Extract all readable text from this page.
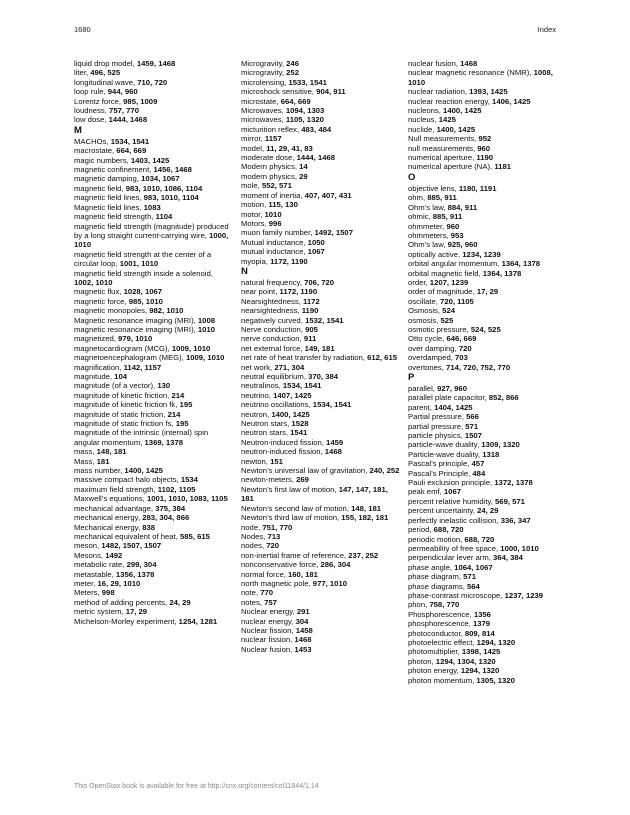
1680	Index
liquid drop model, 1459, 1468
liter, 496, 525
longitudinal wave, 710, 720
loop rule, 944, 960
Lorentz force, 985, 1009
loudness, 757, 770
low dose, 1444, 1468
M
MACHOs, 1534, 1541
macrostate, 664, 669
magic numbers, 1403, 1425
magnetic confinement, 1456, 1468
magnetic damping, 1034, 1067
magnetic field, 983, 1010, 1086, 1104
magnetic field lines, 983, 1010, 1104
Magnetic field lines, 1083
magnetic field strength, 1104
magnetic field strength (magnitude) produced by a long straight current-carrying wire, 1000, 1010
magnetic field strength at the center of a circular loop, 1001, 1010
magnetic field strength inside a solenoid, 1002, 1010
magnetic flux, 1028, 1067
magnetic force, 985, 1010
magnetic monopoles, 982, 1010
Magnetic resonance imaging (MRI), 1008
magnetic resonance imaging (MRI), 1010
magnetized, 979, 1010
magnetocardiogram (MCG), 1009, 1010
magnetoencephalogram (MEG), 1009, 1010
magnification, 1142, 1157
magnitude, 104
magnitude (of a vector), 130
magnitude of kinetic friction, 214
magnitude of kinetic friction fk, 195
magnitude of static friction, 214
magnitude of static friction fs, 195
magnitude of the intrinsic (internal) spin angular momentum, 1369, 1378
mass, 148, 181
Mass, 181
mass number, 1400, 1425
massive compact halo objects, 1534
maximum field strength, 1102, 1105
Maxwell’s equations, 1001, 1010, 1083, 1105
mechanical advantage, 375, 384
mechanical energy, 283, 304, 866
Mechanical energy, 838
mechanical equivalent of heat, 585, 615
meson, 1482, 1507, 1507
Mesons, 1492
metabolic rate, 299, 304
metastable, 1356, 1378
meter, 16, 29, 1010
Meters, 998
method of adding percents, 24, 29
metric system, 17, 29
Michelson-Morley experiment, 1254, 1281
Microgravity, 246
microgravity, 252
microlensing, 1533, 1541
microshock sensitive, 904, 911
microstate, 664, 669
Microwaves, 1094, 1303
microwaves, 1105, 1320
micturition reflex, 483, 484
mirror, 1157
model, 11, 29, 41, 83
moderate dose, 1444, 1468
Modern physics, 14
modern physics, 29
mole, 552, 571
moment of inertia, 407, 407, 431
motion, 115, 130
motor, 1010
Motors, 996
muon family number, 1492, 1507
Mutual inductance, 1050
mutual inductance, 1067
myopia, 1172, 1190
N
natural frequency, 706, 720
near point, 1172, 1190
Nearsightedness, 1172
nearsightedness, 1190
negatively curved, 1532, 1541
Nerve conduction, 905
nerve conduction, 911
net external force, 149, 181
net rate of heat transfer by radiation, 612, 615
net work, 271, 304
neutral equilibrium, 370, 384
neutralinos, 1534, 1541
neutrino, 1407, 1425
neutrino oscillations, 1534, 1541
neutron, 1400, 1425
Neutron stars, 1528
neutron stars, 1541
Neutron-induced fission, 1459
neutron-induced fission, 1468
newton, 151
Newton’s universal law of gravitation, 240, 252
newton-meters, 269
Newton’s first law of motion, 147, 147, 181, 181
Newton’s second law of motion, 148, 181
Newton’s third law of motion, 155, 182, 181
node, 751, 770
Nodes, 713
nodes, 720
non-inertial frame of reference, 237, 252
nonconservative force, 286, 304
normal force, 160, 181
north magnetic pole, 977, 1010
note, 770
notes, 757
Nuclear energy, 291
nuclear energy, 304
Nuclear fission, 1458
nuclear fission, 1468
Nuclear fusion, 1453
nuclear fusion, 1468
nuclear magnetic resonance (NMR), 1008, 1010
nuclear radiation, 1393, 1425
nuclear reaction energy, 1406, 1425
nucleons, 1400, 1425
nucleus, 1425
nuclide, 1400, 1425
Null measurements, 952
null measurements, 960
numerical aperture, 1190
numerical aperture (NA), 1181
O
objective lens, 1180, 1191
ohm, 885, 911
Ohm’s law, 884, 911
ohmic, 885, 911
ohmmeter, 960
ohmmeters, 953
Ohm’s law, 925, 960
optically active, 1234, 1239
orbital angular momentum, 1364, 1378
orbital magnetic field, 1364, 1378
order, 1207, 1239
order of magnitude, 17, 29
oscillate, 720, 1105
Osmosis, 524
osmosis, 525
osmotic pressure, 524, 525
Otto cycle, 646, 669
over damping, 720
overdamped, 703
overtones, 714, 720, 752, 770
P
parallel, 927, 960
parallel plate capacitor, 852, 866
parent, 1404, 1425
Partial pressure, 566
partial pressure, 571
particle physics, 1507
particle-wave duality, 1309, 1320
Particle-wave duality, 1318
Pascal’s principle, 457
Pascal’s Principle, 484
Pauli exclusion principle, 1372, 1378
peak emf, 1067
percent relative humidity, 569, 571
percent uncertainty, 24, 29
perfectly inelastic collision, 336, 347
period, 688, 720
periodic motion, 688, 720
permeability of free space, 1000, 1010
perpendicular lever arm, 364, 384
phase angle, 1064, 1067
phase diagram, 571
phase diagrams, 564
phase-contrast microscope, 1237, 1239
phon, 758, 770
Phosphorescence, 1356
phosphorescence, 1379
photoconductor, 809, 814
photoelectric effect, 1294, 1320
photomultiplier, 1398, 1425
photon, 1294, 1304, 1320
photon energy, 1294, 1320
photon momentum, 1305, 1320
This OpenStax book is available for free at http://cnx.org/content/col11844/1.14
